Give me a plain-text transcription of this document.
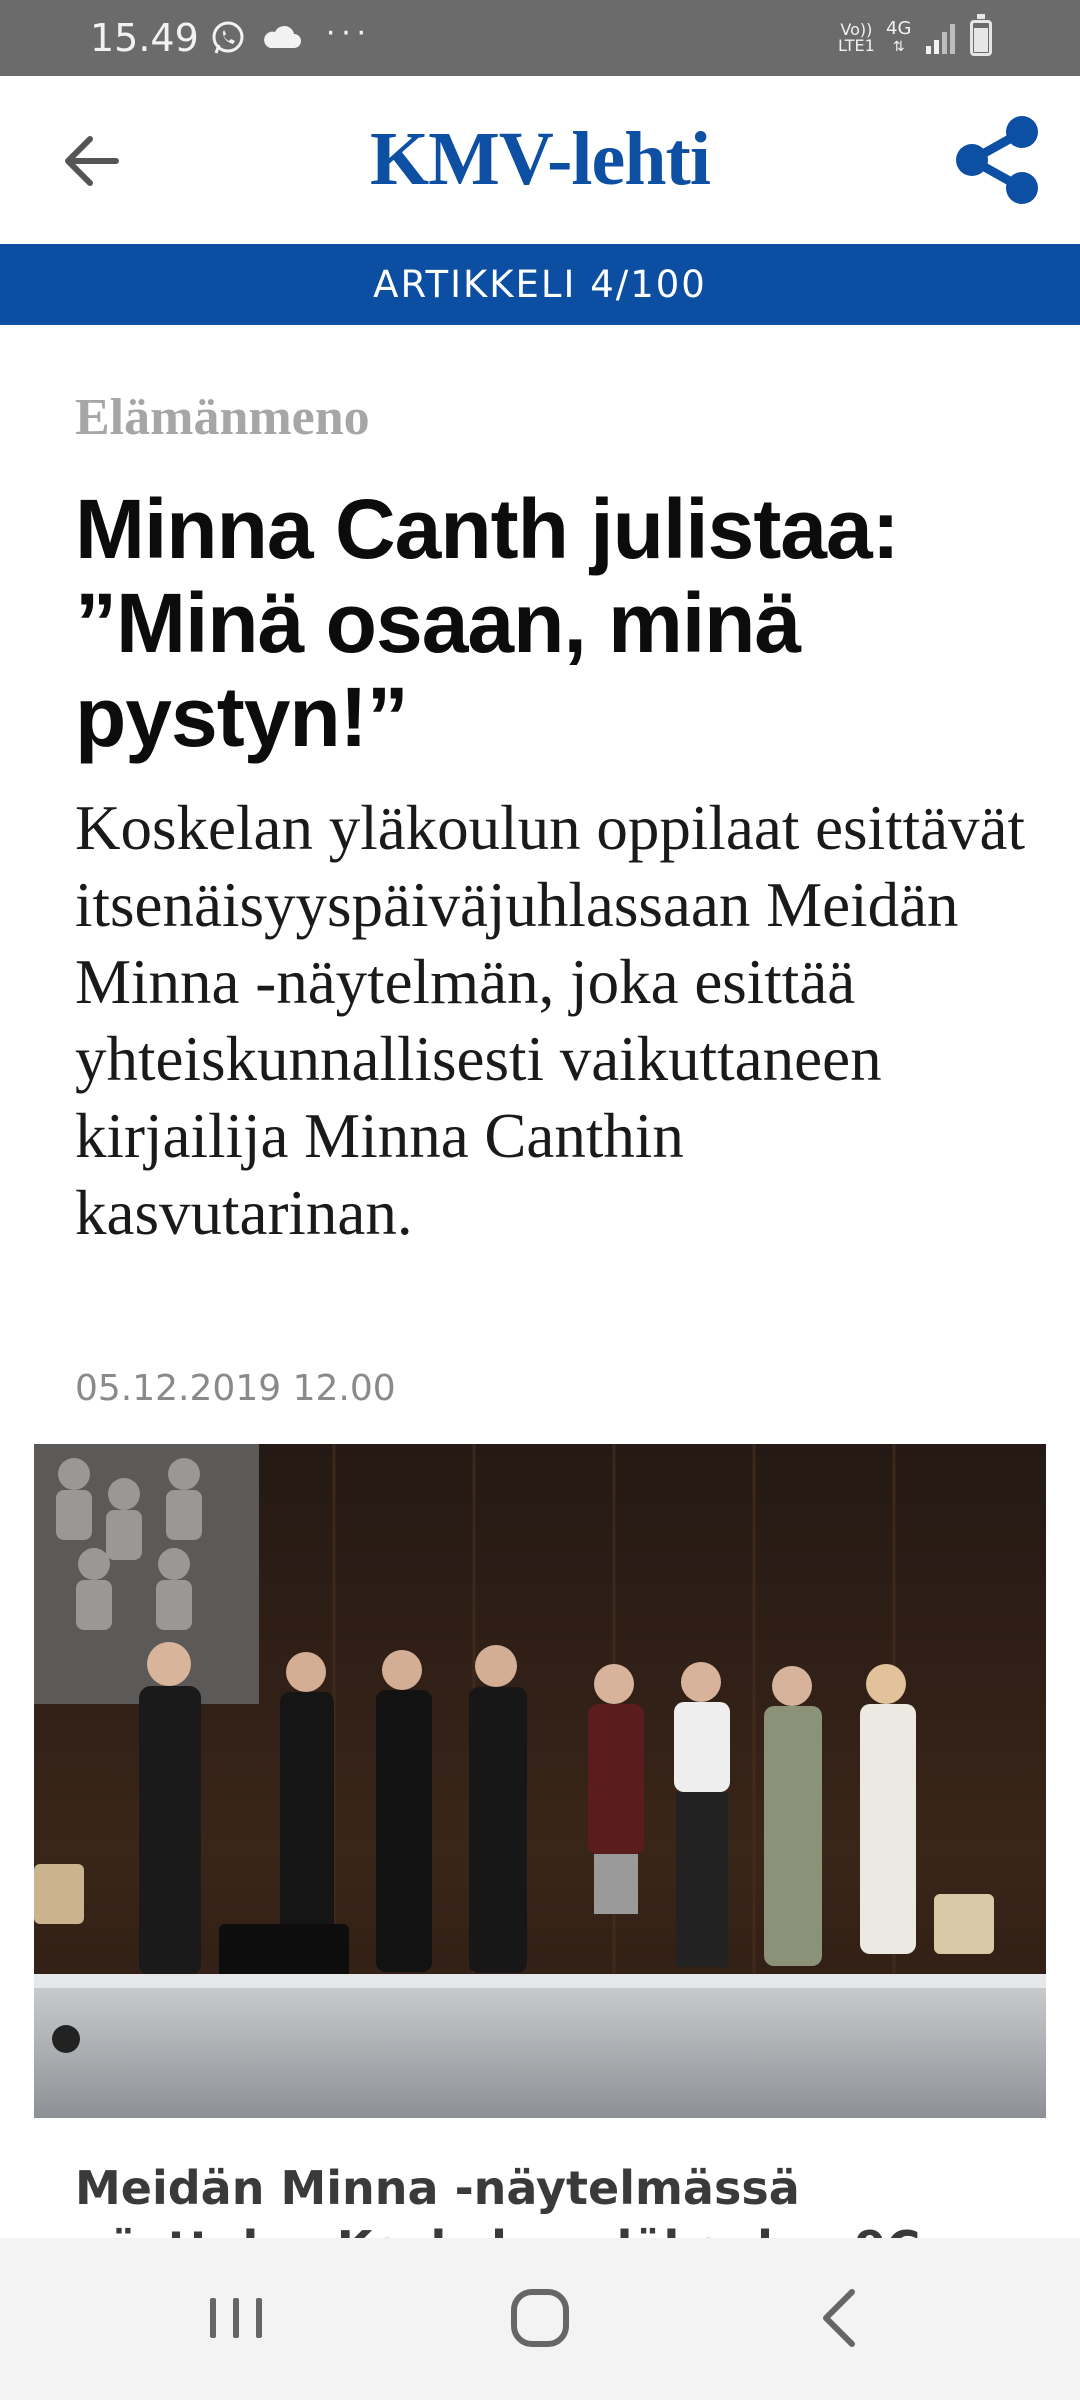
15.49	···	Vo))
LTE1
4G
⇅
KMV-lehti
ARTIKKELI 4/100
Elämänmeno
Minna Canth julistaa: ”Minä osaan, minä pystyn!”

Koskelan yläkoulun oppilaat esittävät itsenäisyyspäiväjuhlassaan Meidän Minna -näytelmän, joka esittää yhteiskunnallisesti vaikuttaneen kirjailija Minna Canthin kasvutarinan.

05.12.2019 12.00
Meidän Minna -näytelmässä
